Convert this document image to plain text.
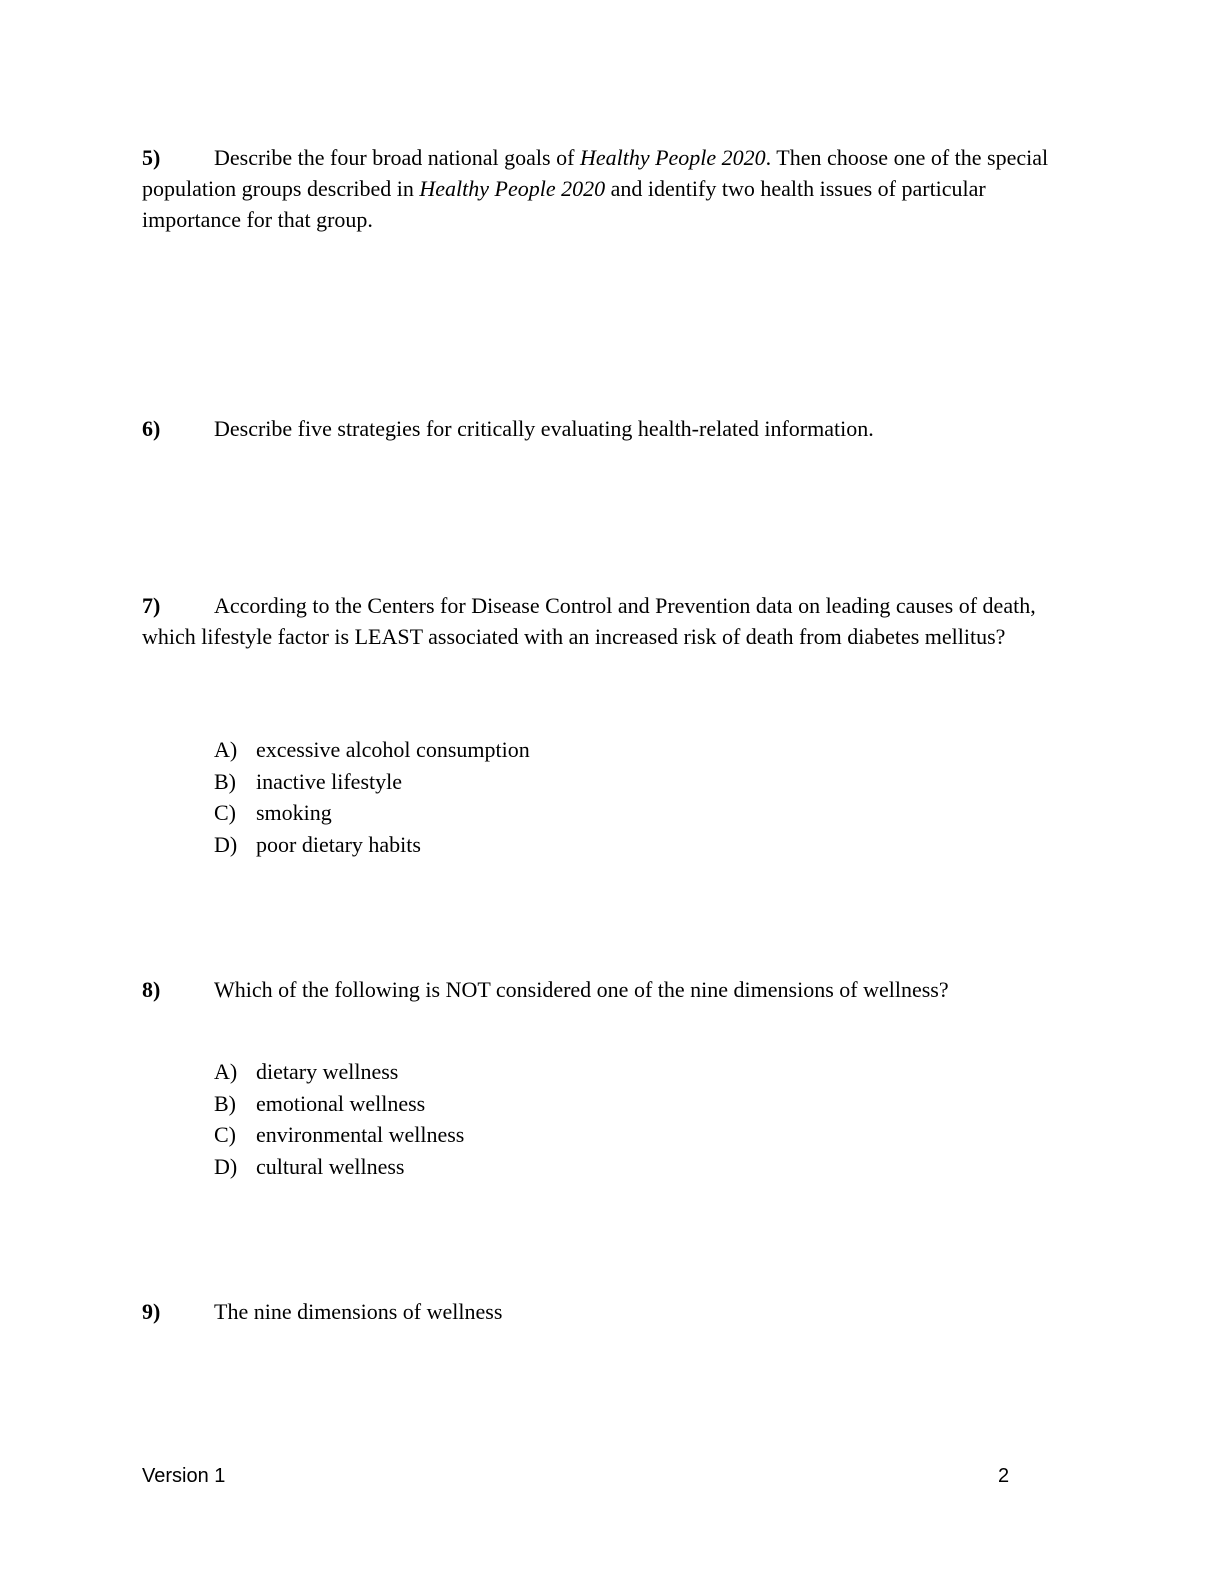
5) Describe the four broad national goals of Healthy People 2020. Then choose one of the special population groups described in Healthy People 2020 and identify two health issues of particular importance for that group.
6) Describe five strategies for critically evaluating health-related information.
7) According to the Centers for Disease Control and Prevention data on leading causes of death, which lifestyle factor is LEAST associated with an increased risk of death from diabetes mellitus?
A) excessive alcohol consumption
B) inactive lifestyle
C) smoking
D) poor dietary habits
8) Which of the following is NOT considered one of the nine dimensions of wellness?
A) dietary wellness
B) emotional wellness
C) environmental wellness
D) cultural wellness
9) The nine dimensions of wellness
Version 1	2
